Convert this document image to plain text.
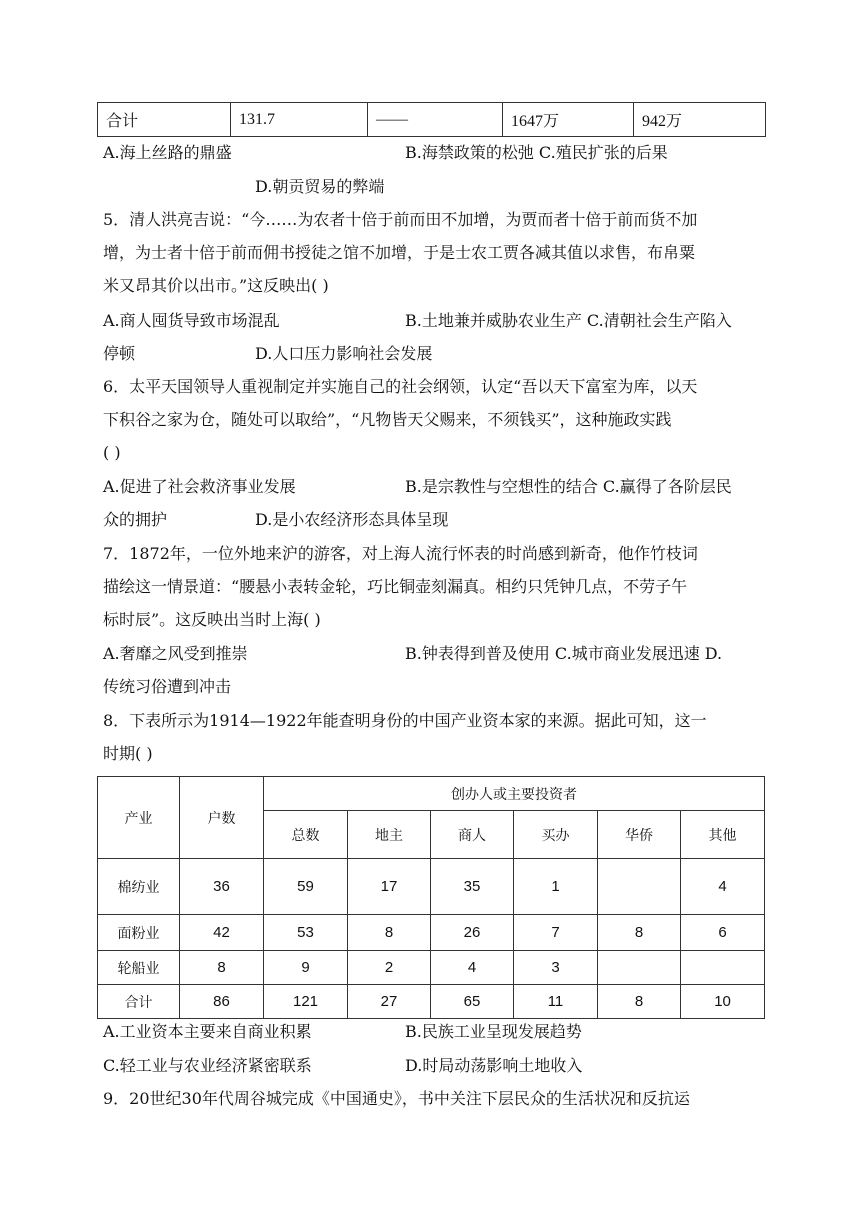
合计	131.7	——	1647万	942万
A.海上丝路的鼎盛	B.海禁政策的松弛 C.殖民扩张的后果
D.朝贡贸易的弊端
5．清人洪亮吉说：“今……为农者十倍于前而田不加增，为贾而者十倍于前而货不加
增，为士者十倍于前而佣书授徒之馆不加增，于是士农工贾各减其值以求售，布帛粟
米又昂其价以出市。”这反映出( )
A.商人囤货导致市场混乱	B.土地兼并威胁农业生产 C.清朝社会生产陷入
停顿	D.人口压力影响社会发展
6．太平天国领导人重视制定并实施自己的社会纲领，认定“吾以天下富室为库，以天
下积谷之家为仓，随处可以取给”，“凡物皆天父赐来，不须钱买”，这种施政实践
( )
A.促进了社会救济事业发展	B.是宗教性与空想性的结合 C.赢得了各阶层民
众的拥护	D.是小农经济形态具体呈现
7．1872年，一位外地来沪的游客，对上海人流行怀表的时尚感到新奇，他作竹枝词
描绘这一情景道：“腰悬小表转金轮，巧比铜壶刻漏真。相约只凭钟几点，不劳子午
标时辰”。这反映出当时上海( )
A.奢靡之风受到推崇	B.钟表得到普及使用 C.城市商业发展迅速 D.
传统习俗遭到冲击
8．下表所示为1914—1922年能查明身份的中国产业资本家的来源。据此可知，这一
时期( )
产业	户数	创办人或主要投资者					
		总数	地主	商人	买办	华侨	其他
棉纺业	36	59	17	35	1		4
面粉业	42	53	8	26	7	8	6
轮船业	8	9	2	4	3		
合计	86	121	27	65	11	8	10
A.工业资本主要来自商业积累	B.民族工业呈现发展趋势
C.轻工业与农业经济紧密联系	D.时局动荡影响土地收入
9．20世纪30年代周谷城完成《中国通史》，书中关注下层民众的生活状况和反抗运
